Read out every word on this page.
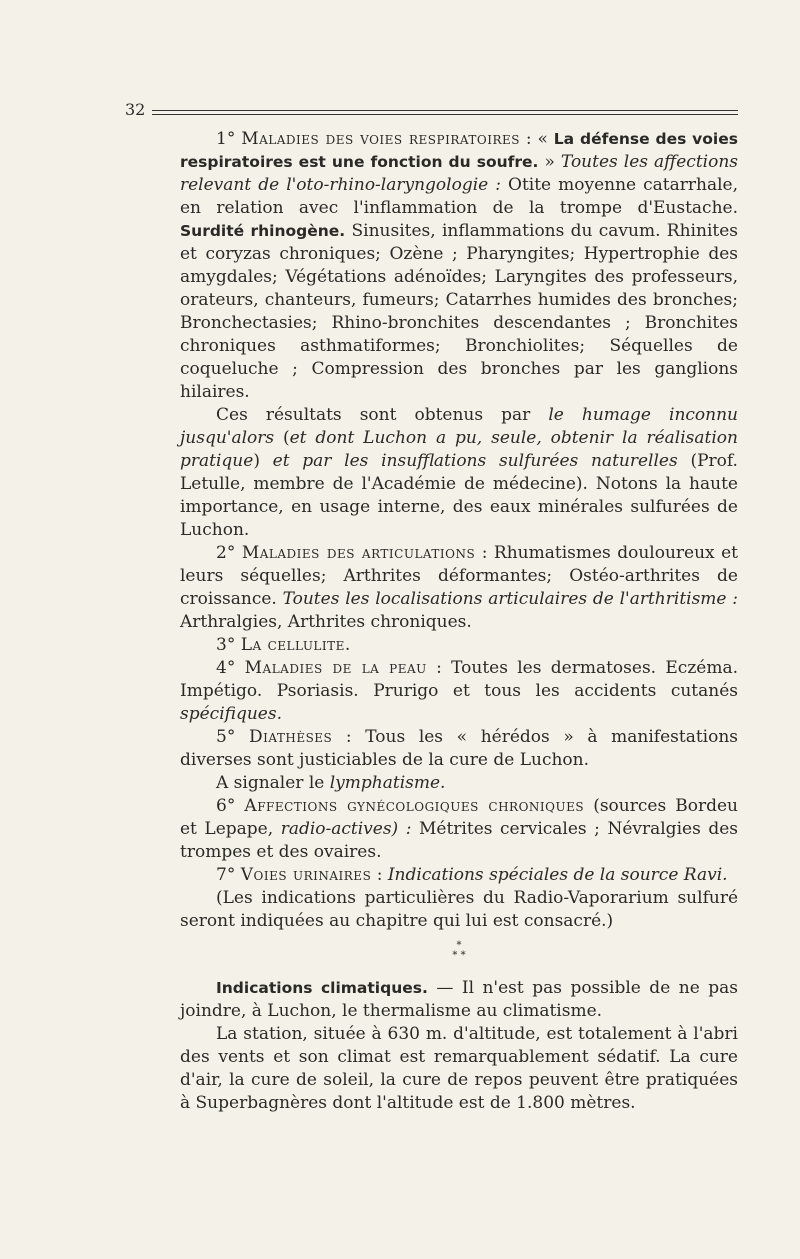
32

1° Maladies des voies respiratoires : « La défense des voies respiratoires est une fonction du soufre. » Toutes les affections relevant de l'oto-rhino-laryngologie : Otite moyenne catarrhale, en relation avec l'inflammation de la trompe d'Eustache. Surdité rhinogène. Sinusites, inflammations du cavum. Rhinites et coryzas chroniques; Ozène ; Pharyngites; Hypertrophie des amygdales; Végétations adénoïdes; Laryngites des professeurs, orateurs, chanteurs, fumeurs; Catarrhes humides des bronches; Bronchectasies; Rhino-bronchites descendantes ; Bronchites chroniques asthmatiformes; Bronchiolites; Séquelles de coqueluche ; Compression des bronches par les ganglions hilaires.

Ces résultats sont obtenus par le humage inconnu jusqu'alors (et dont Luchon a pu, seule, obtenir la réalisation pratique) et par les insufflations sulfurées naturelles (Prof. Letulle, membre de l'Académie de médecine). Notons la haute importance, en usage interne, des eaux minérales sulfurées de Luchon.

2° Maladies des articulations : Rhumatismes douloureux et leurs séquelles; Arthrites déformantes; Ostéo-arthrites de croissance. Toutes les localisations articulaires de l'arthritisme : Arthralgies, Arthrites chroniques.

3° La cellulite.

4° Maladies de la peau : Toutes les dermatoses. Eczéma. Impétigo. Psoriasis. Prurigo et tous les accidents cutanés spécifiques.

5° Diathèses : Tous les « hérédos » à manifestations diverses sont justiciables de la cure de Luchon.

A signaler le lymphatisme.

6° Affections gynécologiques chroniques (sources Bordeu et Lepape, radio-actives) : Métrites cervicales ; Névralgies des trompes et des ovaires.

7° Voies urinaires : Indications spéciales de la source Ravi.

(Les indications particulières du Radio-Vaporarium sulfuré seront indiquées au chapitre qui lui est consacré.)

*
* *

Indications climatiques. — Il n'est pas possible de ne pas joindre, à Luchon, le thermalisme au climatisme.

La station, située à 630 m. d'altitude, est totalement à l'abri des vents et son climat est remarquablement sédatif. La cure d'air, la cure de soleil, la cure de repos peuvent être pratiquées à Superbagnères dont l'altitude est de 1.800 mètres.
